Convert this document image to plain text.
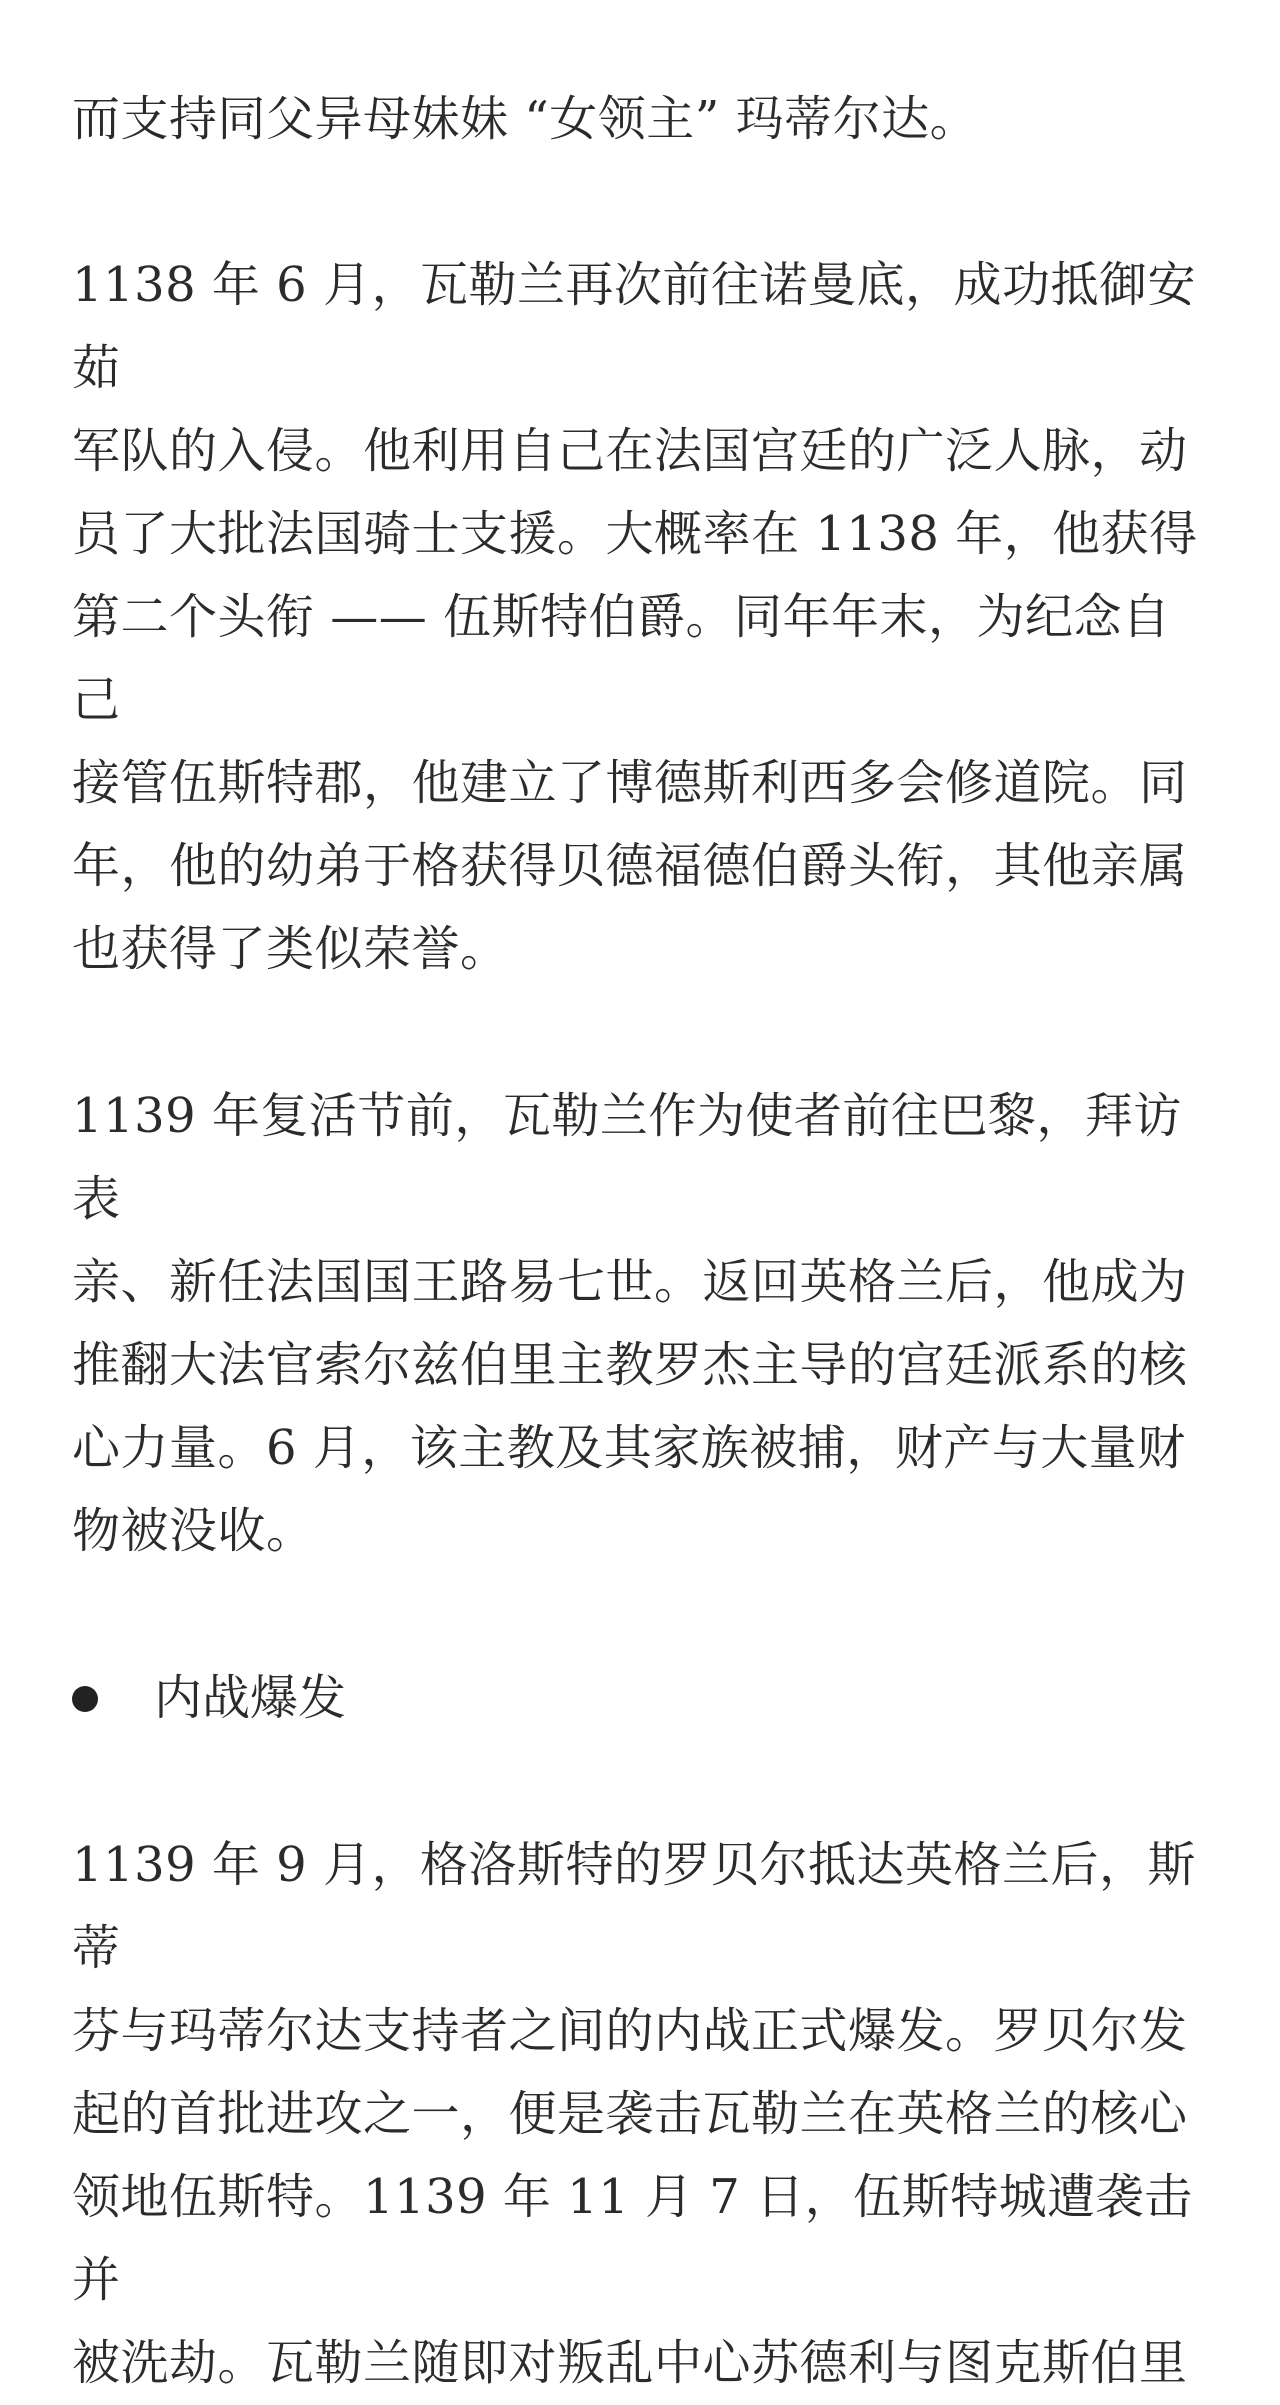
而支持同父异母妹妹 “女领主” 玛蒂尔达。

1138 年 6 月，瓦勒兰再次前往诺曼底，成功抵御安茹
军队的入侵。他利用自己在法国宫廷的广泛人脉，动
员了大批法国骑士支援。大概率在 1138 年，他获得
第二个头衔 —— 伍斯特伯爵。同年年末，为纪念自己
接管伍斯特郡，他建立了博德斯利西多会修道院。同
年，他的幼弟于格获得贝德福德伯爵头衔，其他亲属
也获得了类似荣誉。

1139 年复活节前，瓦勒兰作为使者前往巴黎，拜访表
亲、新任法国国王路易七世。返回英格兰后，他成为
推翻大法官索尔兹伯里主教罗杰主导的宫廷派系的核
心力量。6 月，该主教及其家族被捕，财产与大量财
物被没收。

内战爆发

1139 年 9 月，格洛斯特的罗贝尔抵达英格兰后，斯蒂
芬与玛蒂尔达支持者之间的内战正式爆发。罗贝尔发
起的首批进攻之一，便是袭击瓦勒兰在英格兰的核心
领地伍斯特。1139 年 11 月 7 日，伍斯特城遭袭击并
被洗劫。瓦勒兰随即对叛乱中心苏德利与图克斯伯里
